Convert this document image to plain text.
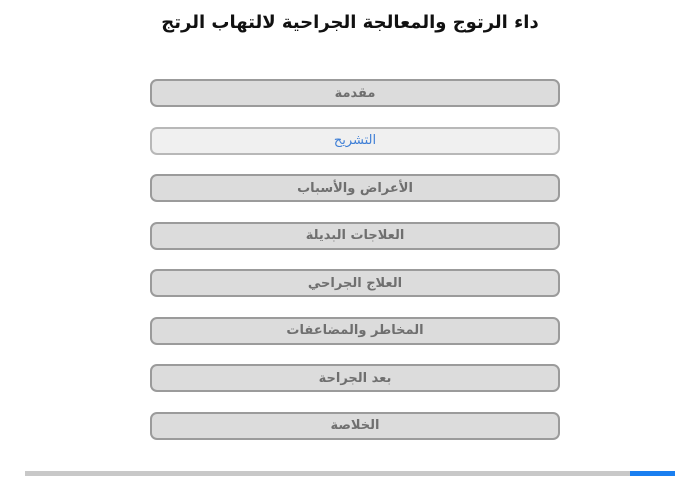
داء الرتوج والمعالجة الجراحية لالتهاب الرتج
مقدمة
التشريح
الأعراض والأسباب
العلاجات البديلة
العلاج الجراحي
المخاطر والمضاعفات
بعد الجراحة
الخلاصة
